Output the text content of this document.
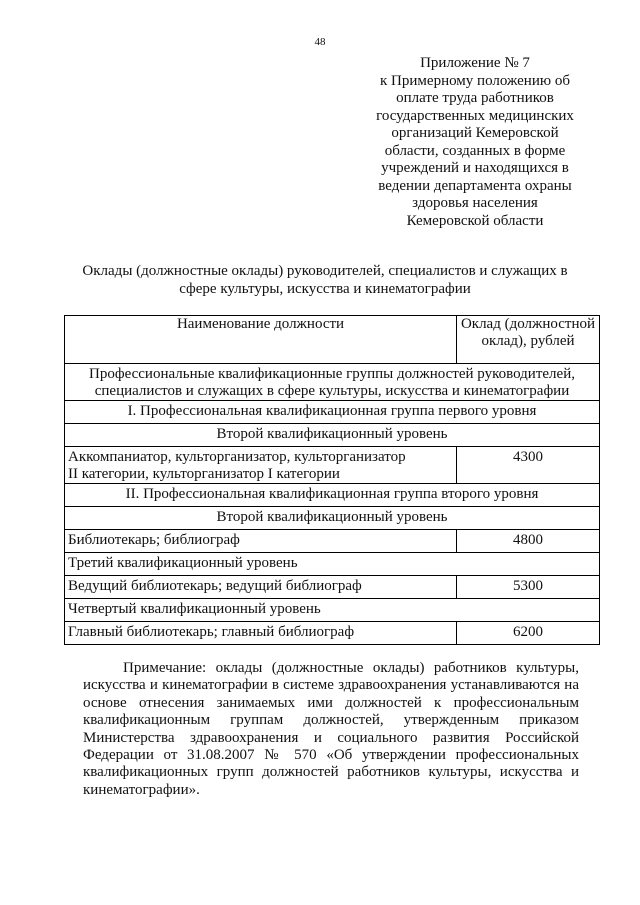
48
Приложение № 7
к Примерному положению об
оплате труда работников
государственных медицинских
организаций Кемеровской
области, созданных в форме
учреждений и находящихся в
ведении департамента охраны
здоровья населения
Кемеровской области
Оклады (должностные оклады) руководителей, специалистов и служащих в
сфере культуры, искусства и кинематографии
Наименование должности	Оклад (должностной
оклад), рублей

Профессиональные квалификационные группы должностей руководителей,
специалистов и служащих в сфере культуры, искусства и кинематографии	

I. Профессиональная квалификационная группа первого уровня	
Второй квалификационный уровень	

Аккомпаниатор, культорганизатор, культорганизатор
II категории, культорганизатор I категории	4300
II. Профессиональная квалификационная группа второго уровня	
Второй квалификационный уровень	
Библиотекарь; библиограф	4800
Третий квалификационный уровень	
Ведущий библиотекарь; ведущий библиограф	5300
Четвертый квалификационный уровень	
Главный библиотекарь; главный библиограф	6200
Примечание: оклады (должностные оклады) работников культуры, искусства и кинематографии в системе здравоохранения устанавливаются на основе отнесения занимаемых ими должностей к профессиональным квалификационным группам должностей, утвержденным приказом Министерства здравоохранения и социального развития Российской Федерации от 31.08.2007 № 570 «Об утверждении профессиональных квалификационных групп должностей работников культуры, искусства и кинематографии».
